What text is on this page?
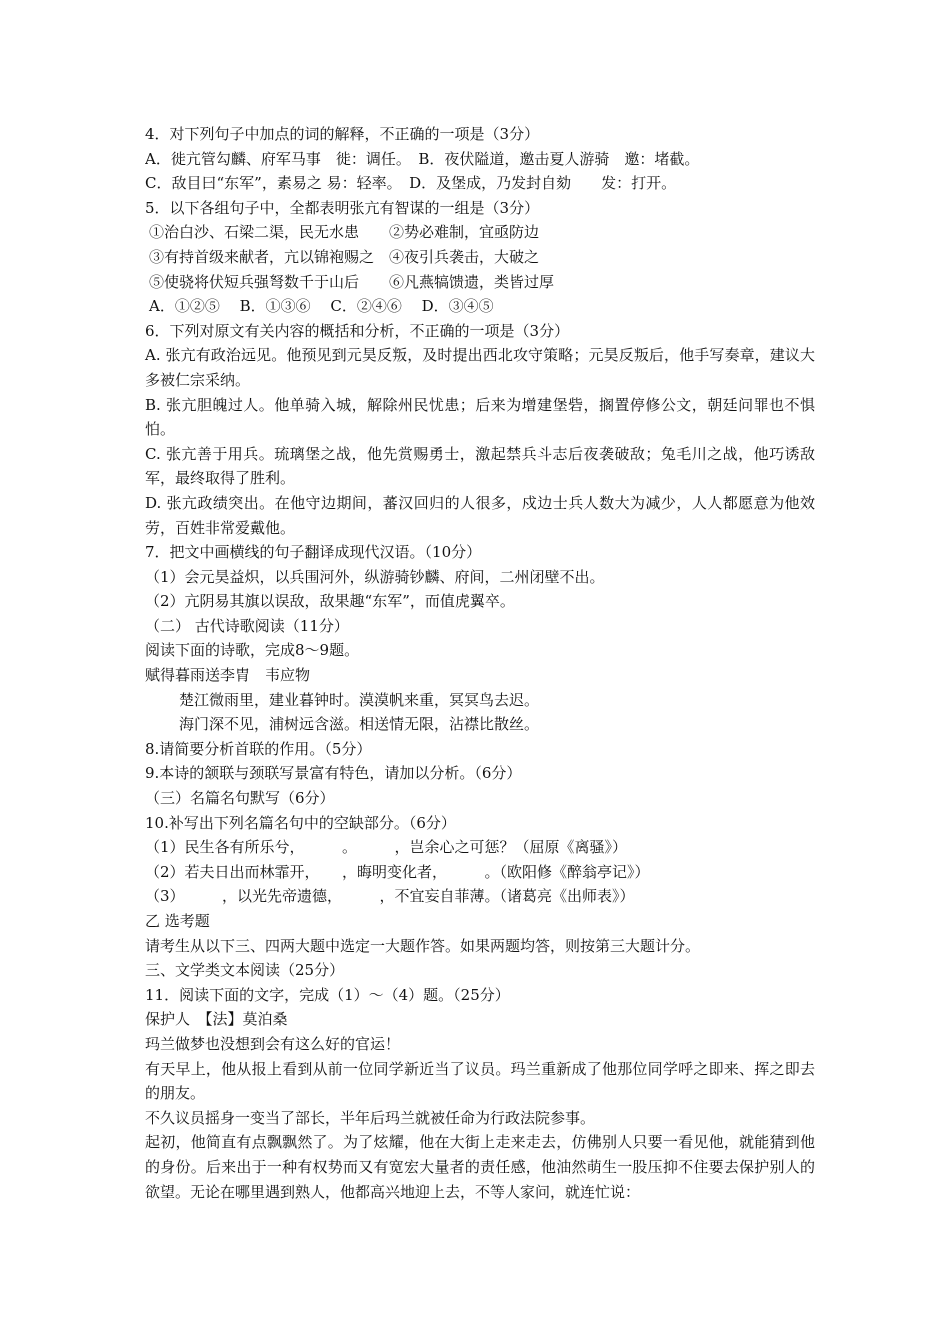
4．对下列句子中加点的词的解释，不正确的一项是（3分）
A．徙亢管勾麟、府军马事　徙：调任。　B．夜伏隘道，邀击夏人游骑　邀：堵截。
C．敌目曰“东军”，素易之 易：轻率。　D．及堡成，乃发封自劾　　发：打开。
5．以下各组句子中，全都表明张亢有智谋的一组是（3分）
①治白沙、石梁二渠，民无水患　　②势必难制，宜亟防边
③有持首级来献者，亢以锦袍赐之　④夜引兵袭击，大破之
⑤使骁将伏短兵强弩数千于山后　　⑥凡燕犒馈遗，类皆过厚
A．①②⑤　 B．①③⑥　 C．②④⑥　 D．③④⑤
6．下列对原文有关内容的概括和分析，不正确的一项是（3分）
A. 张亢有政治远见。他预见到元昊反叛，及时提出西北攻守策略；元昊反叛后，他手写奏章，建议大多被仁宗采纳。
B. 张亢胆魄过人。他单骑入城，解除州民忧患；后来为增建堡砦，搁置停修公文，朝廷问罪也不惧怕。
C. 张亢善于用兵。琉璃堡之战，他先赏赐勇士，激起禁兵斗志后夜袭破敌；兔毛川之战，他巧诱敌军，最终取得了胜利。
D. 张亢政绩突出。在他守边期间，蕃汉回归的人很多，戍边士兵人数大为减少，人人都愿意为他效劳，百姓非常爱戴他。
7．把文中画横线的句子翻译成现代汉语。（10分）
（1）会元昊益炽，以兵围河外，纵游骑钞麟、府间，二州闭壁不出。
（2）亢阴易其旗以误敌，敌果趣“东军”，而值虎翼卒。
（二） 古代诗歌阅读（11分）
阅读下面的诗歌，完成8～9题。
赋得暮雨送李胄　韦应物
楚江微雨里，建业暮钟时。漠漠帆来重，冥冥鸟去迟。
海门深不见，浦树远含滋。相送情无限，沾襟比散丝。
8.请简要分析首联的作用。（5分）
9.本诗的颔联与颈联写景富有特色，请加以分析。（6分）
（三）名篇名句默写（6分）
10.补写出下列名篇名句中的空缺部分。（6分）
（1）民生各有所乐兮，　　　。　　　，岂余心之可惩？（屈原《离骚》）
（2）若夫日出而林霏开，　　，晦明变化者，　　　。（欧阳修《醉翁亭记》）
（3）　　　，以光先帝遗德，　　　，不宜妄自菲薄。（诸葛亮《出师表》）
乙 选考题
请考生从以下三、四两大题中选定一大题作答。如果两题均答，则按第三大题计分。
三、文学类文本阅读（25分）
11．阅读下面的文字，完成（1）～（4）题。（25分）
保护人　【法】莫泊桑
玛兰做梦也没想到会有这么好的官运！
有天早上，他从报上看到从前一位同学新近当了议员。玛兰重新成了他那位同学呼之即来、挥之即去的朋友。
不久议员摇身一变当了部长，半年后玛兰就被任命为行政法院参事。
起初，他简直有点飘飘然了。为了炫耀，他在大街上走来走去，仿佛别人只要一看见他，就能猜到他的身份。后来出于一种有权势而又有宽宏大量者的责任感，他油然萌生一股压抑不住要去保护别人的欲望。无论在哪里遇到熟人，他都高兴地迎上去，不等人家问，就连忙说：
